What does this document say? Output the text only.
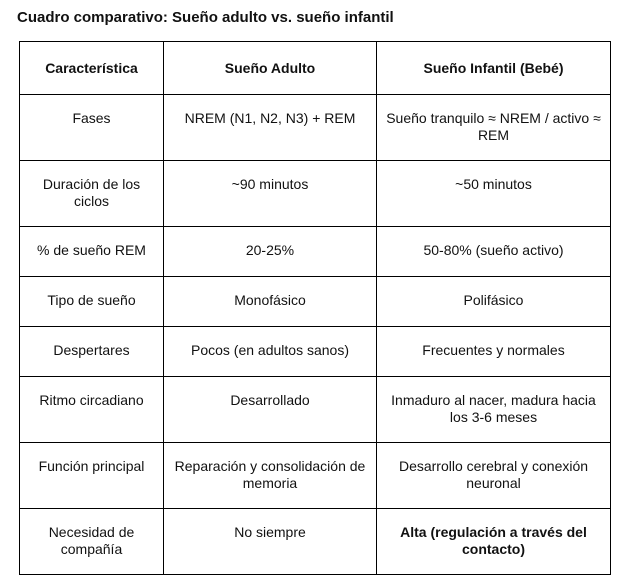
Cuadro comparativo: Sueño adulto vs. sueño infantil
Característica	Sueño Adulto	Sueño Infantil (Bebé)
Fases	NREM (N1, N2, N3) + REM	Sueño tranquilo ≈ NREM / activo ≈ REM
Duración de los ciclos	~90 minutos	~50 minutos
% de sueño REM	20-25%	50-80% (sueño activo)
Tipo de sueño	Monofásico	Polifásico
Despertares	Pocos (en adultos sanos)	Frecuentes y normales
Ritmo circadiano	Desarrollado	Inmaduro al nacer, madura hacia los 3-6 meses
Función principal	Reparación y consolidación de memoria	Desarrollo cerebral y conexión neuronal
Necesidad de compañía	No siempre	Alta (regulación a través del contacto)
